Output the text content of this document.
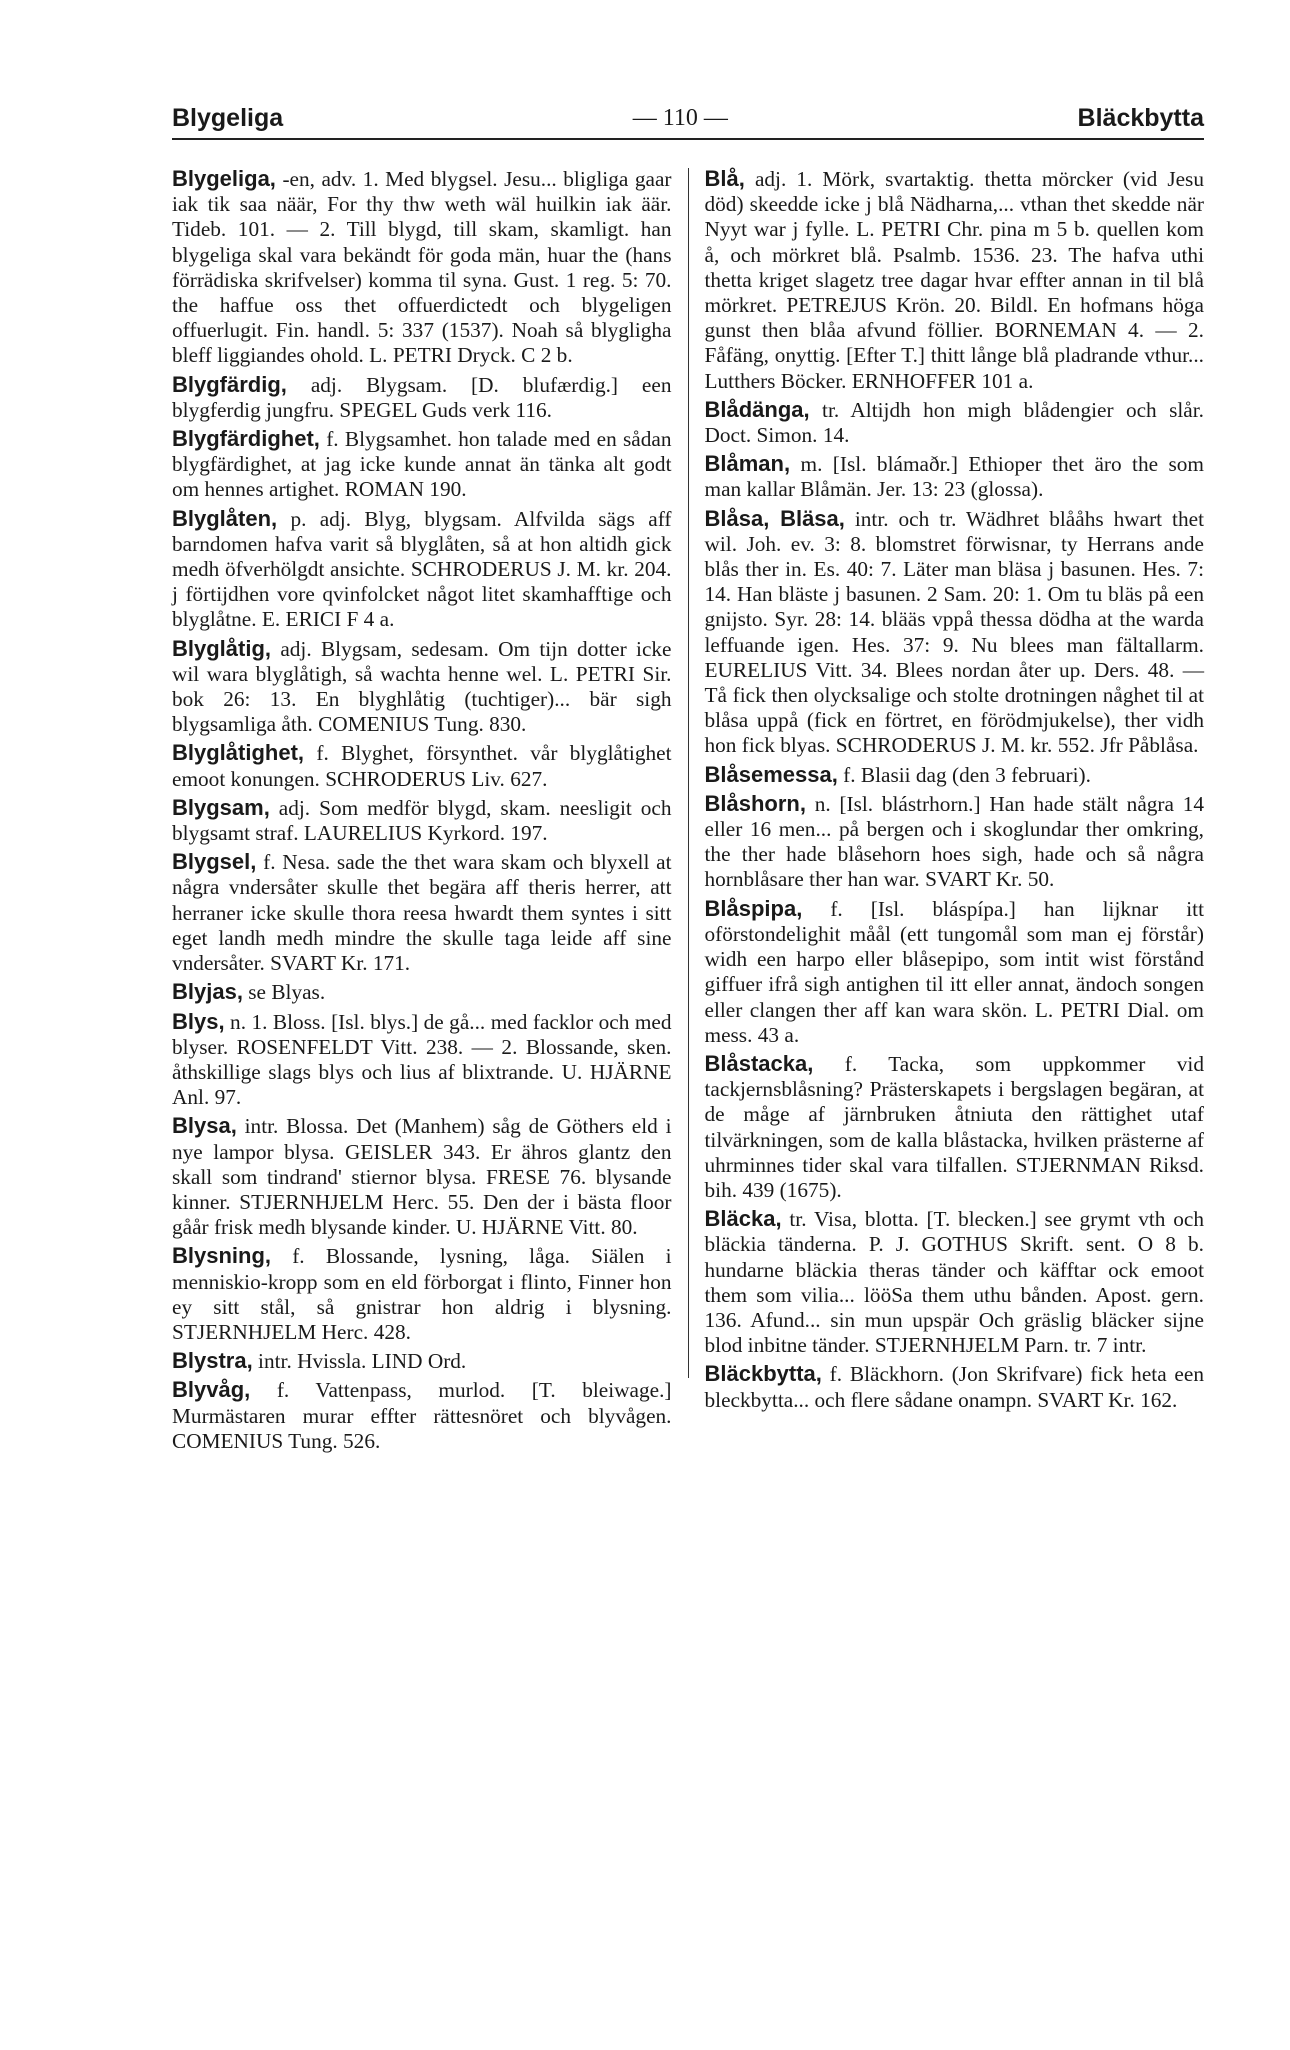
Blygeliga	— 110 —	Bläckbytta

Blygeliga, -en, adv. 1. Med blygsel. Jesu... bligliga gaar iak tik saa näär, For thy thw weth wäl huilkin iak äär. Tideb. 101. — 2. Till blygd, till skam, skamligt. han blygeliga skal vara bekändt för goda män, huar the (hans förrädiska skrifvelser) komma til syna. Gust. 1 reg. 5: 70. the haffue oss thet offuerdictedt och blygeligen offuerlugit. Fin. handl. 5: 337 (1537). Noah så blygligha bleff liggiandes ohold. L. PETRI Dryck. C 2 b.

Blygfärdig, adj. Blygsam. [D. blufærdig.] een blygferdig jungfru. SPEGEL Guds verk 116.

Blygfärdighet, f. Blygsamhet. hon talade med en sådan blygfärdighet, at jag icke kunde annat än tänka alt godt om hennes artighet. ROMAN 190.

Blyglåten, p. adj. Blyg, blygsam. Alfvilda sägs aff barndomen hafva varit så blyglåten, så at hon altidh gick medh öfverhölgdt ansichte. SCHRODERUS J. M. kr. 204. j förtijdhen vore qvinfolcket något litet skamhafftige och blyglåtne. E. ERICI F 4 a.

Blyglåtig, adj. Blygsam, sedesam. Om tijn dotter icke wil wara blyglåtigh, så wachta henne wel. L. PETRI Sir. bok 26: 13. En blyghlåtig (tuchtiger)... bär sigh blygsamliga åth. COMENIUS Tung. 830.

Blyglåtighet, f. Blyghet, försynthet. vår blyglåtighet emoot konungen. SCHRODERUS Liv. 627.

Blygsam, adj. Som medför blygd, skam. neesligit och blygsamt straf. LAURELIUS Kyrkord. 197.

Blygsel, f. Nesa. sade the thet wara skam och blyxell at några vndersåter skulle thet begära aff theris herrer, att herraner icke skulle thora reesa hwardt them syntes i sitt eget landh medh mindre the skulle taga leide aff sine vndersåter. SVART Kr. 171.

Blyjas, se Blyas.

Blys, n. 1. Bloss. [Isl. blys.] de gå... med facklor och med blyser. ROSENFELDT Vitt. 238. — 2. Blossande, sken. åthskillige slags blys och lius af blixtrande. U. HJÄRNE Anl. 97.

Blysa, intr. Blossa. Det (Manhem) såg de Göthers eld i nye lampor blysa. GEISLER 343. Er ähros glantz den skall som tindrand' stiernor blysa. FRESE 76. blysande kinner. STJERNHJELM Herc. 55. Den der i bästa floor gåår frisk medh blysande kinder. U. HJÄRNE Vitt. 80.

Blysning, f. Blossande, lysning, låga. Siälen i menniskio-kropp som en eld förborgat i flinto, Finner hon ey sitt stål, så gnistrar hon aldrig i blysning. STJERNHJELM Herc. 428.

Blystra, intr. Hvissla. LIND Ord.

Blyvåg, f. Vattenpass, murlod. [T. bleiwage.] Murmästaren murar effter rättesnöret och blyvågen. COMENIUS Tung. 526.

Blå, adj. 1. Mörk, svartaktig. thetta mörcker (vid Jesu död) skeedde icke j blå Nädharna,... vthan thet skedde när Nyyt war j fylle. L. PETRI Chr. pina m 5 b. quellen kom å, och mörkret blå. Psalmb. 1536. 23. The hafva uthi thetta kriget slagetz tree dagar hvar effter annan in til blå mörkret. PETREJUS Krön. 20. Bildl. En hofmans höga gunst then blåa afvund föllier. BORNEMAN 4. — 2. Fåfäng, onyttig. [Efter T.] thitt långe blå pladrande vthur... Lutthers Böcker. ERNHOFFER 101 a.

Blådänga, tr. Altijdh hon migh blådengier och slår. Doct. Simon. 14.

Blåman, m. [Isl. blámaðr.] Ethioper thet äro the som man kallar Blåmän. Jer. 13: 23 (glossa).

Blåsa, Bläsa, intr. och tr. Wädhret blååhs hwart thet wil. Joh. ev. 3: 8. blomstret förwisnar, ty Herrans ande blås ther in. Es. 40: 7. Läter man bläsa j basunen. Hes. 7: 14. Han bläste j basunen. 2 Sam. 20: 1. Om tu bläs på een gnijsto. Syr. 28: 14. blääs vppå thessa dödha at the warda leffuande igen. Hes. 37: 9. Nu blees man fältallarm. EURELIUS Vitt. 34. Blees nordan åter up. Ders. 48. — Tå fick then olycksalige och stolte drotningen någhet til at blåsa uppå (fick en förtret, en förödmjukelse), ther vidh hon fick blyas. SCHRODERUS J. M. kr. 552. Jfr Påblåsa.

Blåsemessa, f. Blasii dag (den 3 februari).

Blåshorn, n. [Isl. blástrhorn.] Han hade stält några 14 eller 16 men... på bergen och i skoglundar ther omkring, the ther hade blåsehorn hoes sigh, hade och så några hornblåsare ther han war. SVART Kr. 50.

Blåspipa, f. [Isl. bláspípa.] han lijknar itt oförstondelighit måål (ett tungomål som man ej förstår) widh een harpo eller blåsepipo, som intit wist förstånd giffuer ifrå sigh antighen til itt eller annat, ändoch songen eller clangen ther aff kan wara skön. L. PETRI Dial. om mess. 43 a.

Blåstacka, f. Tacka, som uppkommer vid tackjernsblåsning? Prästerskapets i bergslagen begäran, at de måge af järnbruken åtniuta den rättighet utaf tilvärkningen, som de kalla blåstacka, hvilken prästerne af uhrminnes tider skal vara tilfallen. STJERNMAN Riksd. bih. 439 (1675).

Bläcka, tr. Visa, blotta. [T. blecken.] see grymt vth och bläckia tänderna. P. J. GOTHUS Skrift. sent. O 8 b. hundarne bläckia theras tänder och käfftar ock emoot them som vilia... lööSa them uthu bånden. Apost. gern. 136. Afund... sin mun upspär Och gräslig bläcker sijne blod inbitne tänder. STJERNHJELM Parn. tr. 7 intr.

Bläckbytta, f. Bläckhorn. (Jon Skrifvare) fick heta een bleckbytta... och flere sådane onampn. SVART Kr. 162.
